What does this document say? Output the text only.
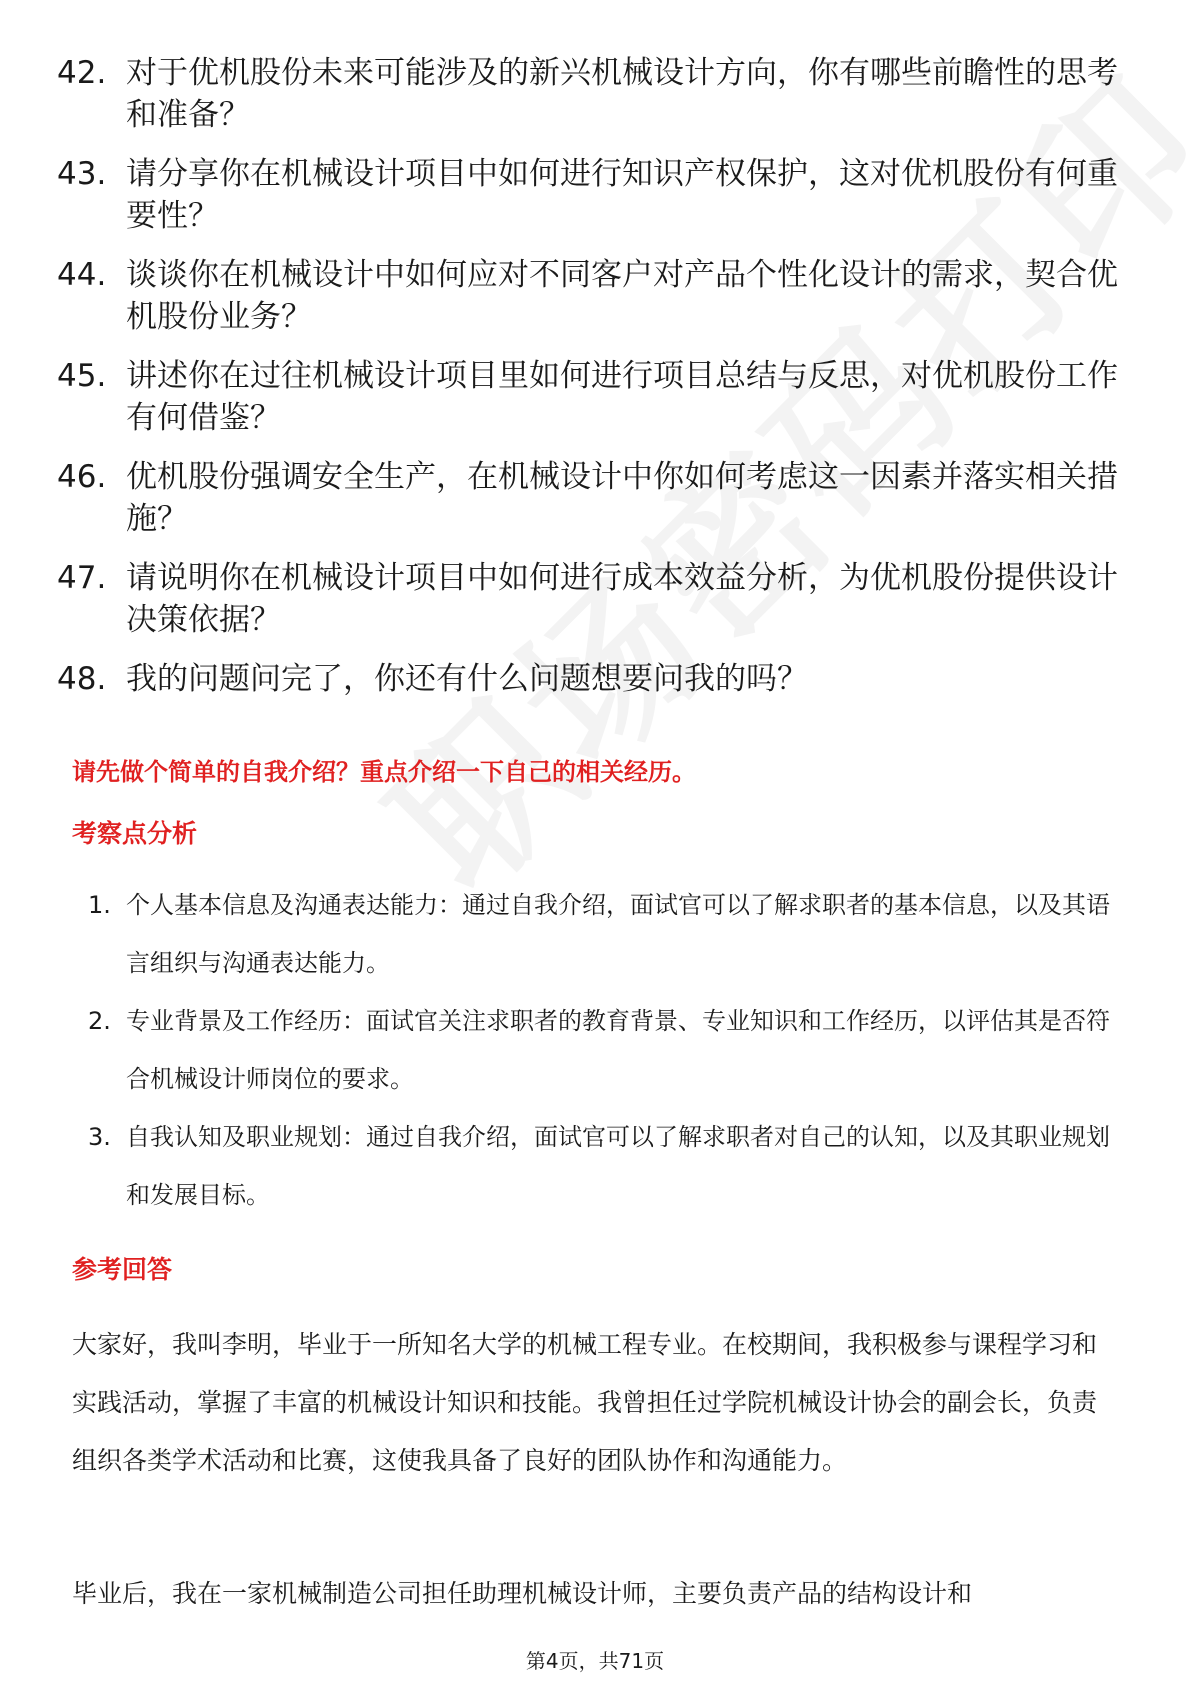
42. 对于优机股份未来可能涉及的新兴机械设计方向，你有哪些前瞻性的思考和准备？
43. 请分享你在机械设计项目中如何进行知识产权保护，这对优机股份有何重要性？
44. 谈谈你在机械设计中如何应对不同客户对产品个性化设计的需求，契合优机股份业务？
45. 讲述你在过往机械设计项目里如何进行项目总结与反思，对优机股份工作有何借鉴？
46. 优机股份强调安全生产，在机械设计中你如何考虑这一因素并落实相关措施？
47. 请说明你在机械设计项目中如何进行成本效益分析，为优机股份提供设计决策依据？
48. 我的问题问完了，你还有什么问题想要问我的吗？
请先做个简单的自我介绍？重点介绍一下自己的相关经历。
考察点分析
1. 个人基本信息及沟通表达能力：通过自我介绍，面试官可以了解求职者的基本信息，以及其语言组织与沟通表达能力。
2. 专业背景及工作经历：面试官关注求职者的教育背景、专业知识和工作经历，以评估其是否符合机械设计师岗位的要求。
3. 自我认知及职业规划：通过自我介绍，面试官可以了解求职者对自己的认知，以及其职业规划和发展目标。
参考回答
大家好，我叫李明，毕业于一所知名大学的机械工程专业。在校期间，我积极参与课程学习和实践活动，掌握了丰富的机械设计知识和技能。我曾担任过学院机械设计协会的副会长，负责组织各类学术活动和比赛，这使我具备了良好的团队协作和沟通能力。
毕业后，我在一家机械制造公司担任助理机械设计师，主要负责产品的结构设计和
第4页，共71页
